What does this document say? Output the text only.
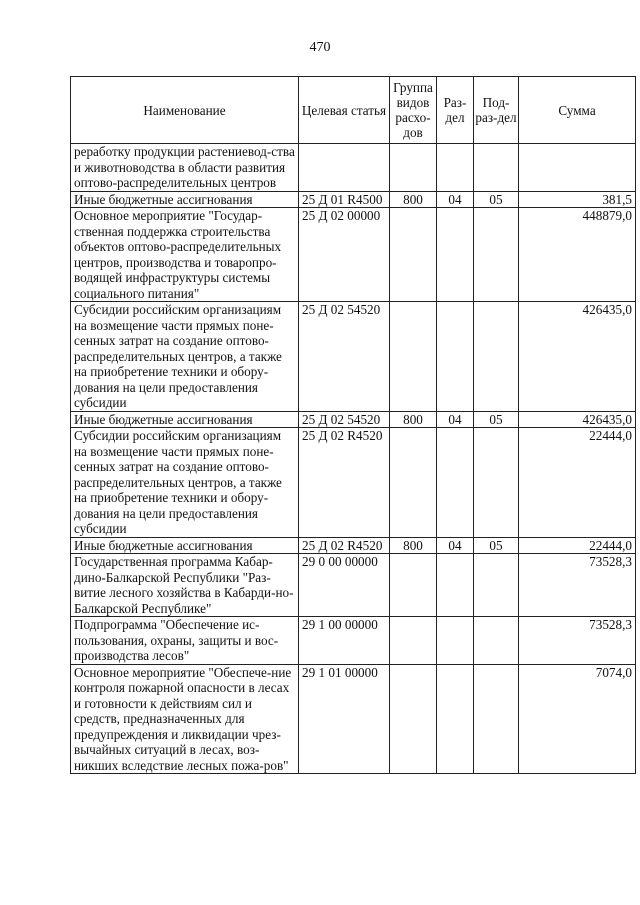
470
Наименование	Целевая статья	Группа видов расхо-дов	Раз-дел	Под-раз-дел	Сумма
реработку продукции растениевод-ства и животноводства в области развития оптово-распределительных центров					
Иные бюджетные ассигнования	25 Д 01 R4500	800	04	05	381,5
Основное мероприятие "Государ-ственная поддержка строительства объектов оптово-распределительных центров, производства и товаропро-водящей инфраструктуры системы социального питания"	25 Д 02 00000				448879,0
Субсидии российским организациям на возмещение части прямых поне-сенных затрат на создание оптово-распределительных центров, а также на приобретение техники и обору-дования на цели предоставления субсидии	25 Д 02 54520				426435,0
Иные бюджетные ассигнования	25 Д 02 54520	800	04	05	426435,0
Субсидии российским организациям на возмещение части прямых поне-сенных затрат на создание оптово-распределительных центров, а также на приобретение техники и обору-дования на цели предоставления субсидии	25 Д 02 R4520				22444,0
Иные бюджетные ассигнования	25 Д 02 R4520	800	04	05	22444,0
Государственная программа Кабар-дино-Балкарской Республики "Раз-витие лесного хозяйства в Кабарди-но-Балкарской Республике"	29 0 00 00000				73528,3
Подпрограмма "Обеспечение ис-пользования, охраны, защиты и вос-производства лесов"	29 1 00 00000				73528,3
Основное мероприятие "Обеспече-ние контроля пожарной опасности в лесах и готовности к действиям сил и средств, предназначенных для предупреждения и ликвидации чрез-вычайных ситуаций в лесах, воз-никших вследствие лесных пожа-ров"	29 1 01 00000				7074,0
